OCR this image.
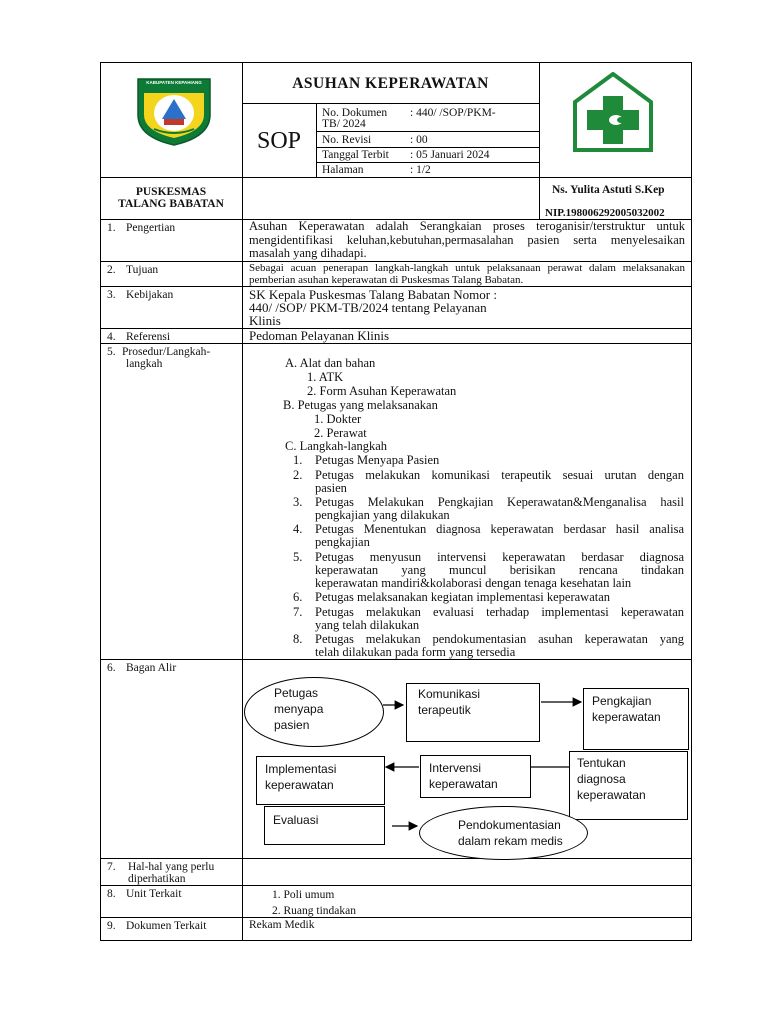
KABUPATEN KEPAHIANG	ASUHAN KEPERAWATAN
SOP
No. Dokumen : 440/ /SOP/PKM-
TB/ 2024
No. Revisi	: 00
Tanggal Terbit : 05 Januari 2024
Halaman	: 1/2
PUSKESMAS
TALANG BABATAN
Ns. Yulita Astuti S.Kep
NIP.198006292005032002
1. Pengertian	Asuhan Keperawatan adalah Serangkaian proses teroganisir/terstruktur untuk mengidentifikasi keluhan,kebutuhan,permasalahan pasien serta menyelesaikan masalah yang dihadapi.
2. Tujuan	Sebagai acuan penerapan langkah-langkah untuk pelaksanaan perawat dalam melaksanakan pemberian asuhan keperawatan di Puskesmas Talang Babatan.
3. Kebijakan	SK Kepala Puskesmas Talang Babatan Nomor :
440/ /SOP/ PKM-TB/2024 tentang Pelayanan
Klinis
4. Referensi	Pedoman Pelayanan Klinis
5. Prosedur/Langkah-
langkah	A. Alat dan bahan
1. ATK
2. Form Asuhan Keperawatan
B. Petugas yang melaksanakan
1. Dokter
2. Perawat
C. Langkah-langkah
1. Petugas Menyapa Pasien
2. Petugas melakukan komunikasi terapeutik sesuai urutan dengan
pasien
3. Petugas Melakukan Pengkajian Keperawatan&Menganalisa hasil
pengkajian yang dilakukan
4. Petugas Menentukan diagnosa keperawatan berdasar hasil analisa
pengkajian
5. Petugas menyusun intervensi keperawatan berdasar diagnosa
keperawatan yang muncul berisikan rencana tindakan
keperawatan mandiri&kolaborasi dengan tenaga kesehatan lain
6. Petugas melaksanakan kegiatan implementasi keperawatan
7. Petugas melakukan evaluasi terhadap implementasi keperawatan
yang telah dilakukan
8. Petugas melakukan pendokumentasian asuhan keperawatan yang
telah dilakukan pada form yang tersedia
6. Bagan Alir
Petugas
menyapa
pasien
Komunikasi
terapeutik
Pengkajian
keperawatan
Tentukan
diagnosa
keperawatan
Intervensi
keperawatan
Implementasi
keperawatan
Evaluasi	Pendokumentasian
dalam rekam medis
7. Hal-hal yang perlu
diperhatikan
8. Unit Terkait	1. Poli umum
2. Ruang tindakan
9. Dokumen Terkait	Rekam Medik
